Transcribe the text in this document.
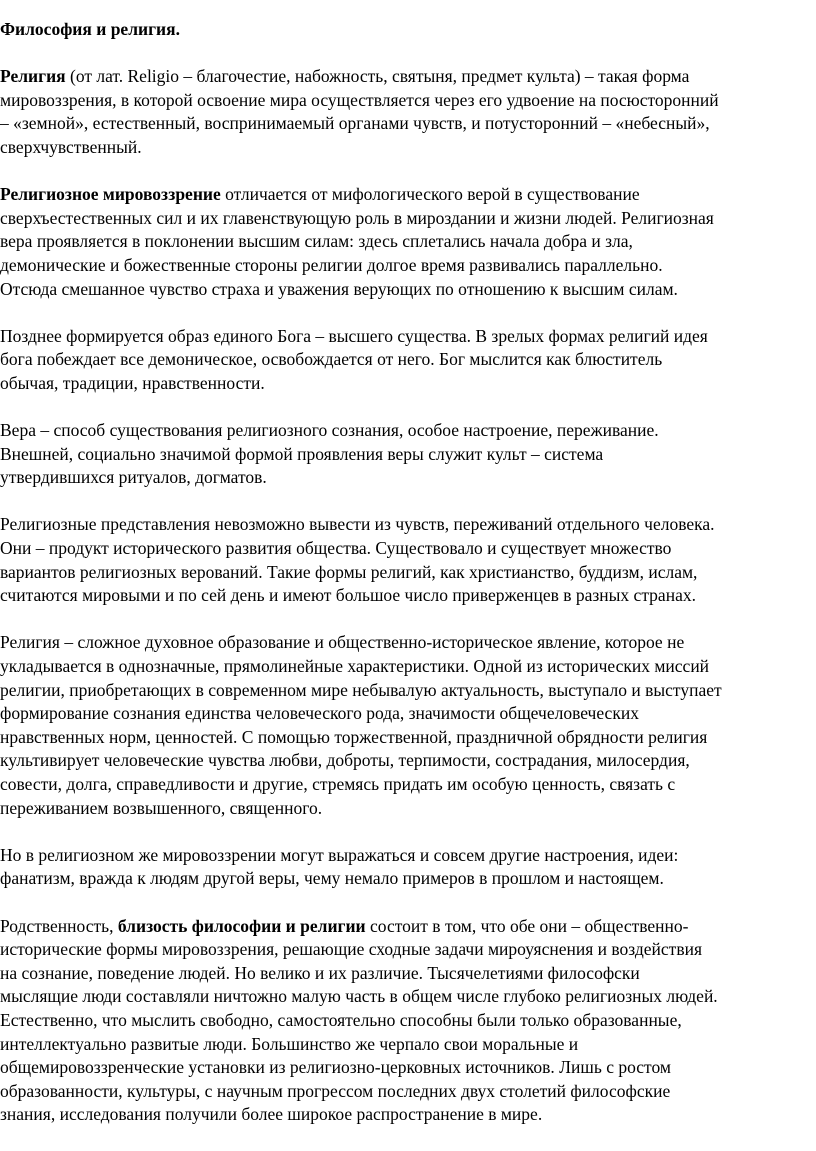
Философия и религия.

Религия (от лат. Religio – благочестие, набожность, святыня, предмет культа) – такая форма
мировоззрения, в которой освоение мира осуществляется через его удвоение на посюсторонний
– «земной», естественный, воспринимаемый органами чувств, и потусторонний – «небесный»,
сверхчувственный.

Религиозное мировоззрение отличается от мифологического верой в существование
сверхъестественных сил и их главенствующую роль в мироздании и жизни людей. Религиозная
вера проявляется в поклонении высшим силам: здесь сплетались начала добра и зла,
демонические и божественные стороны религии долгое время развивались параллельно.
Отсюда смешанное чувство страха и уважения верующих по отношению к высшим силам.

Позднее формируется образ единого Бога – высшего существа. В зрелых формах религий идея
бога побеждает все демоническое, освобождается от него. Бог мыслится как блюститель
обычая, традиции, нравственности.

Вера – способ существования религиозного сознания, особое настроение, переживание.
Внешней, социально значимой формой проявления веры служит культ – система
утвердившихся ритуалов, догматов.

Религиозные представления невозможно вывести из чувств, переживаний отдельного человека.
Они – продукт исторического развития общества. Существовало и существует множество
вариантов религиозных верований. Такие формы религий, как христианство, буддизм, ислам,
считаются мировыми и по сей день и имеют большое число приверженцев в разных странах.

Религия – сложное духовное образование и общественно-историческое явление, которое не
укладывается в однозначные, прямолинейные характеристики. Одной из исторических миссий
религии, приобретающих в современном мире небывалую актуальность, выступало и выступает
формирование сознания единства человеческого рода, значимости общечеловеческих
нравственных норм, ценностей. С помощью торжественной, праздничной обрядности религия
культивирует человеческие чувства любви, доброты, терпимости, сострадания, милосердия,
совести, долга, справедливости и другие, стремясь придать им особую ценность, связать с
переживанием возвышенного, священного.

Но в религиозном же мировоззрении могут выражаться и совсем другие настроения, идеи:
фанатизм, вражда к людям другой веры, чему немало примеров в прошлом и настоящем.

Родственность, близость философии и религии состоит в том, что обе они – общественно-
исторические формы мировоззрения, решающие сходные задачи мироуяснения и воздействия
на сознание, поведение людей. Но велико и их различие. Тысячелетиями философски
мыслящие люди составляли ничтожно малую часть в общем числе глубоко религиозных людей.
Естественно, что мыслить свободно, самостоятельно способны были только образованные,
интеллектуально развитые люди. Большинство же черпало свои моральные и
общемировоззренческие установки из религиозно-церковных источников. Лишь с ростом
образованности, культуры, с научным прогрессом последних двух столетий философские
знания, исследования получили более широкое распространение в мире.
